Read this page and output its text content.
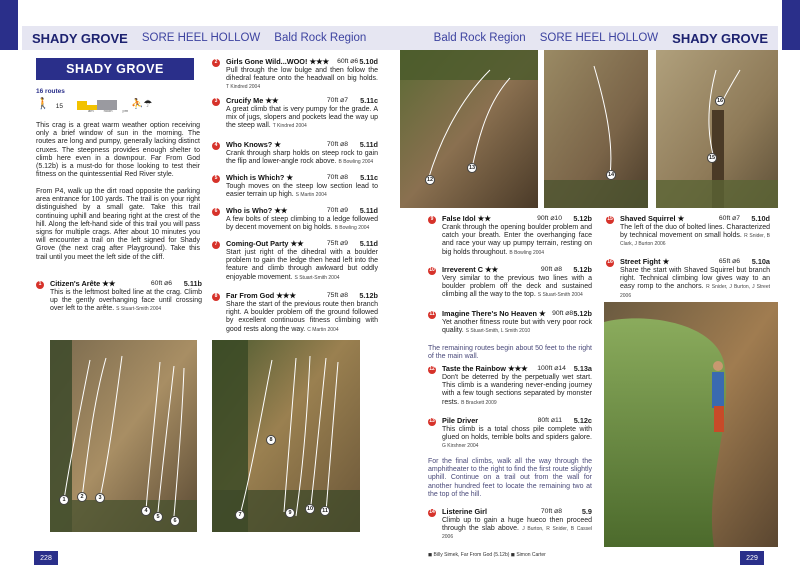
SHADY GROVE SORE HEEL HOLLOW Bald Rock Region
SHADY GROVE
16 routes
🚶 15	⛹☂
am	noon	pm

This crag is a great warm weather option receiving only a brief window of sun in the morning. The routes are long and pumpy, generally lacking distinct cruxes. The steepness provides enough shelter to climb here even in a downpour. Far From God (5.12b) is a must-do for those looking to test their fitness on the quintessential Red River style.

From P4, walk up the dirt road opposite the parking area entrance for 100 yards. The trail is on your right distinguished by a small gate. Take this trail continuing uphill and bearing right at the crest of the hill. Along the left-hand side of this trail you will pass signs for multiple crags. After about 10 minutes you will encounter a trail on the left signed for Shady Grove (the next crag after Playground). Take this trail until you meet the left side of the cliff.

1	Citizen's Arête ★★	60ft ⌀6	5.11b
This is the leftmost bolted line at the crag. Climb up the gently overhanging face until crossing over left to the arête. S Stuart-Smith 2004
2	Girls Gone Wild...WOO! ★★★	60ft ⌀6 5.10d
Pull through the low bulge and then follow the dihedral feature onto the headwall on big holds. T Kindred 2004
3	Crucify Me ★★	70ft ⌀7	5.11c
A great climb that is very pumpy for the grade. A mix of jugs, slopers and pockets lead the way up the steep wall. T Kindred 2004
4	Who Knows? ★	70ft ⌀8	5.11d
Crank through sharp holds on steep rock to gain the flip and lower-angle rock above. B Bowling 2004
5	Which is Which? ★	70ft ⌀8	5.11c
Tough moves on the steep low section lead to easier terrain up high. S Martin 2004
6	Who is Who? ★★	70ft ⌀9	5.11d
A few bolts of steep climbing to a ledge followed by decent movement on big holds. B Bowling 2004
7	Coming-Out Party ★★	75ft ⌀9	5.11d
Start just right of the dihedral with a boulder problem to gain the ledge then head left into the feature and climb through awkward but oddly enjoyable movement. S Stuart-Smith 2004
8	Far From God ★★★	75ft ⌀8	5.12b
Share the start of the previous route then branch right. A boulder problem off the ground followed by excellent continuous fitness climbing with good rests along the way. C Martin 2004
1	2	3
4
5
6
7
8
9
10	11
228
Bald Rock Region SORE HEEL HOLLOW SHADY GROVE
12
13
14
15
16
9	False Idol ★★	90ft ⌀10	5.12b
Crank through the opening boulder problem and catch your breath. Enter the overhanging face and race your way up pumpy terrain, resting on big holds throughout. B Bowling 2004
10 Irreverent C ★★	90ft ⌀8	5.12b
Very similar to the previous two lines with a boulder problem off the deck and sustained climbing all the way to the top. S Stuart-Smith 2004
11 Imagine There's No Heaven ★ 90ft ⌀8 5.12b
Yet another fitness route but with very poor rock quality. S Stuart-Smith, L Smith 2010

The remaining routes begin about 50 feet to the right of the main wall.

12 Taste the Rainbow ★★★	100ft ⌀14	5.13a
Don't be deterred by the perpetually wet start. This climb is a wandering never-ending journey with a few tough sections separated by monster rests. B Brackett 2009
13 Pile Driver	80ft ⌀11	5.12c
This climb is a total choss pile complete with glued on holds, terrible bolts and spiders galore. G Kirshner 2004

For the final climbs, walk all the way through the amphitheater to the right to find the first route slightly uphill. Continue on a trail out from the wall for another hundred feet to locate the remaining two at the top of the hill.

14 Listerine Girl	70ft ⌀8	5.9
Climb up to gain a huge hueco then proceed through the slab above. J Burton, R Snider, B Cassel 2006
15 Shaved Squirrel ★	60ft ⌀7	5.10d
The left of the duo of bolted lines. Characterized by technical movement on small holds. R Snider, B Clark, J Burton 2006
16 Street Fight ★	65ft ⌀6	5.10a
Share the start with Shaved Squirrel but branch right. Technical climbing low gives way to an easy romp to the anchors. R Snider, J Burton, J Street 2006
◼ Billy Simek, Far From God (5.12b) ◼ Simon Carter	229
